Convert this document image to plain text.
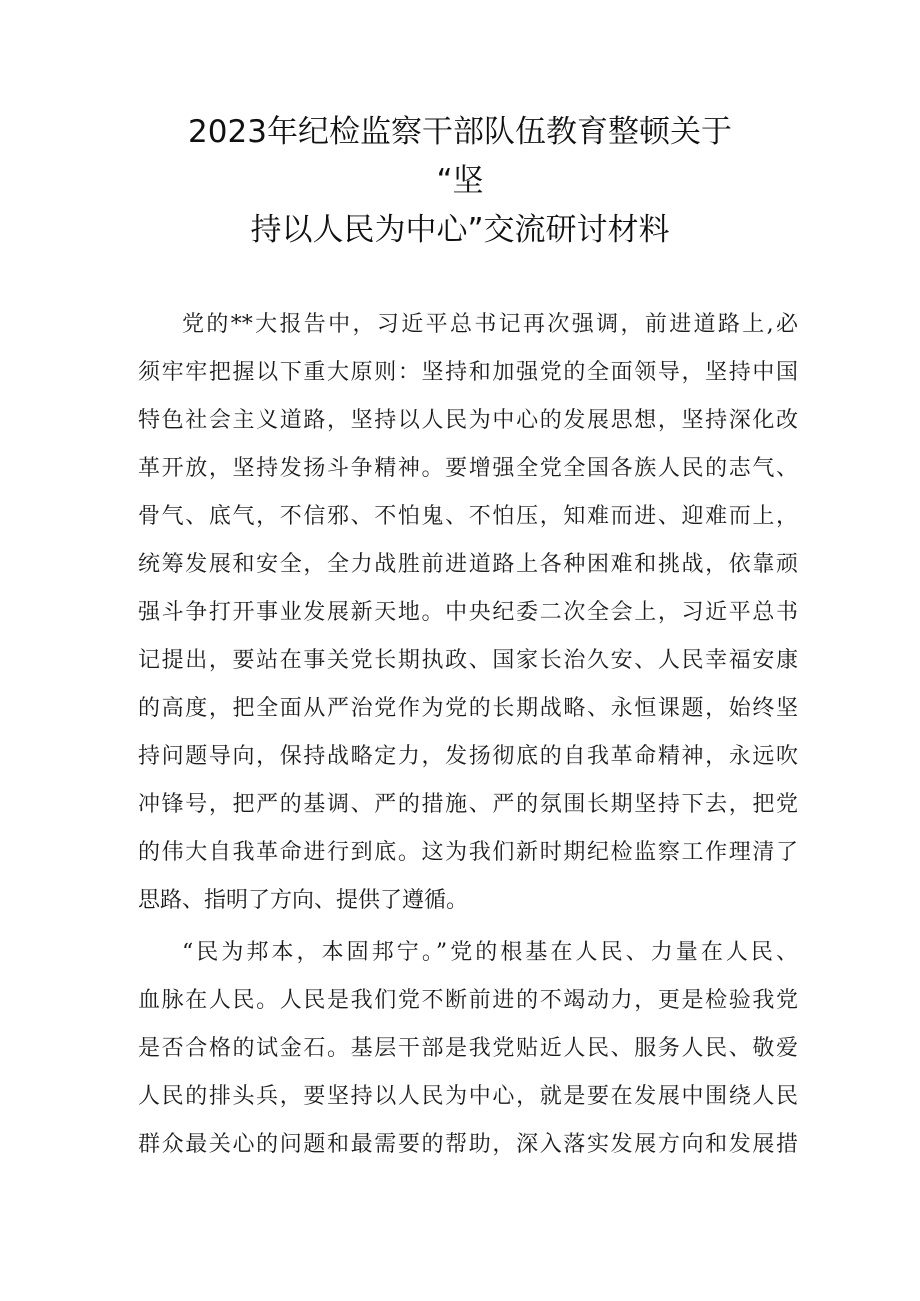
2023年纪检监察干部队伍教育整顿关于
“坚
持以人民为中心”交流研讨材料
党的**大报告中，习近平总书记再次强调，前进道路上,必
须牢牢把握以下重大原则：坚持和加强党的全面领导，坚持中国
特色社会主义道路，坚持以人民为中心的发展思想，坚持深化改
革开放，坚持发扬斗争精神。要增强全党全国各族人民的志气、
骨气、底气，不信邪、不怕鬼、不怕压，知难而进、迎难而上，
统筹发展和安全，全力战胜前进道路上各种困难和挑战，依靠顽
强斗争打开事业发展新天地。中央纪委二次全会上，习近平总书
记提出，要站在事关党长期执政、国家长治久安、人民幸福安康
的高度，把全面从严治党作为党的长期战略、永恒课题，始终坚
持问题导向，保持战略定力，发扬彻底的自我革命精神，永远吹
冲锋号，把严的基调、严的措施、严的氛围长期坚持下去，把党
的伟大自我革命进行到底。这为我们新时期纪检监察工作理清了
思路、指明了方向、提供了遵循。
“民为邦本，本固邦宁。”党的根基在人民、力量在人民、
血脉在人民。人民是我们党不断前进的不竭动力，更是检验我党
是否合格的试金石。基层干部是我党贴近人民、服务人民、敬爱
人民的排头兵，要坚持以人民为中心，就是要在发展中围绕人民
群众最关心的问题和最需要的帮助，深入落实发展方向和发展措
